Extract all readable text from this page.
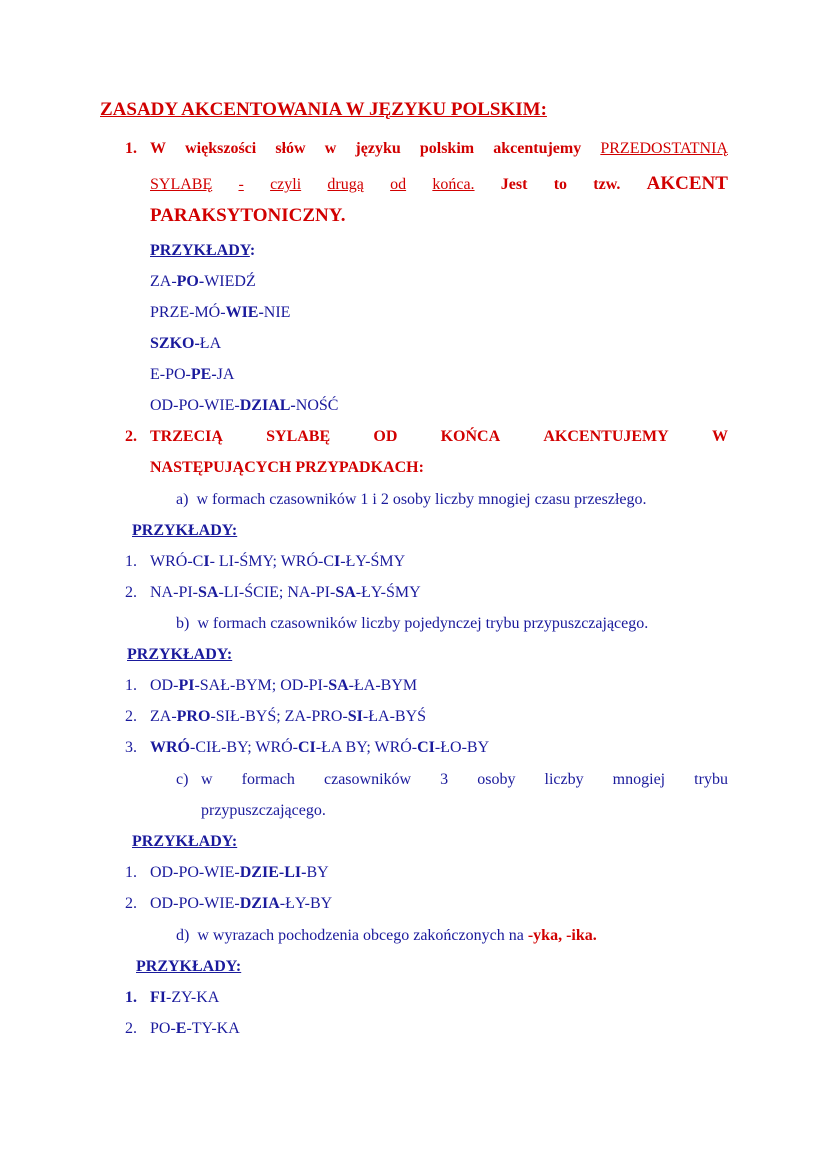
ZASADY AKCENTOWANIA W JĘZYKU POLSKIM:
1. W większości słów w języku polskim akcentujemy PRZEDOSTATNIĄ
SYLABĘ - czyli drugą od końca. Jest to tzw. AKCENT
PARAKSYTONICZNY.
PRZYKŁADY:
ZA-PO-WIEDŹ
PRZE-MÓ-WIE-NIE
SZKO-ŁA
E-PO-PE-JA
OD-PO-WIE-DZIAL-NOŚĆ
2. TRZECIĄ	SYLABĘ	OD	KOŃCA	AKCENTUJEMY	W
NASTĘPUJĄCYCH PRZYPADKACH:
a) w formach czasowników 1 i 2 osoby liczby mnogiej czasu przeszłego.
PRZYKŁADY:
1. WRÓ-CI- LI-ŚMY; WRÓ-CI-ŁY-ŚMY
2. NA-PI-SA-LI-ŚCIE; NA-PI-SA-ŁY-ŚMY
b) w formach czasowników liczby pojedynczej trybu przypuszczającego.
PRZYKŁADY:
1. OD-PI-SAŁ-BYM; OD-PI-SA-ŁA-BYM
2. ZA-PRO-SIŁ-BYŚ; ZA-PRO-SI-ŁA-BYŚ
3. WRÓ-CIŁ-BY; WRÓ-CI-ŁA BY; WRÓ-CI-ŁO-BY
c) w formach czasowników 3 osoby liczby mnogiej trybu
przypuszczającego.
PRZYKŁADY:
1. OD-PO-WIE-DZIE-LI-BY
2. OD-PO-WIE-DZIA-ŁY-BY
d) w wyrazach pochodzenia obcego zakończonych na -yka, -ika.
PRZYKŁADY:
1. FI-ZY-KA
2. PO-E-TY-KA
